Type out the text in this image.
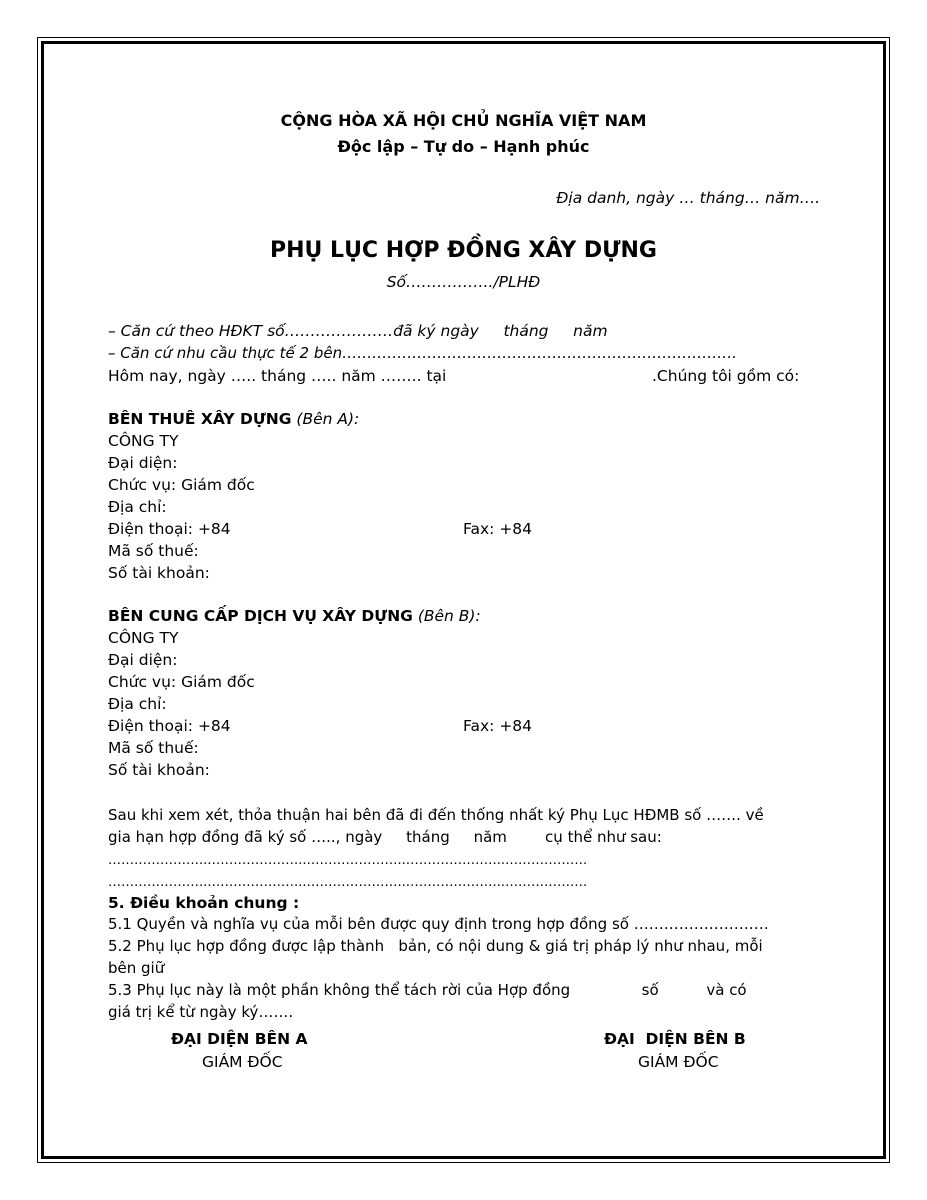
CỘNG HÒA XÃ HỘI CHỦ NGHĨA VIỆT NAM
Độc lập – Tự do – Hạnh phúc
Địa danh, ngày … tháng… năm….
PHỤ LỤC HỢP ĐỒNG XÂY DỰNG
Số……………../PLHĐ
– Căn cứ theo HĐKT số…………………đã ký ngày     tháng     năm
– Căn cứ nhu cầu thực tế 2 bên…………………………………………………………………….
Hôm nay, ngày ….. tháng ….. năm …….. tại	.Chúng tôi gồm có:
BÊN THUÊ XÂY DỰNG (Bên A):
CÔNG TY
Đại diện:
Chức vụ: Giám đốc
Địa chỉ:
Điện thoại: +84	Fax: +84
Mã số thuế:
Số tài khoản:
BÊN CUNG CẤP DỊCH VỤ XÂY DỰNG (Bên B):
CÔNG TY
Đại diện:
Chức vụ: Giám đốc
Địa chỉ:
Điện thoại: +84	Fax: +84
Mã số thuế:
Số tài khoản:
Sau khi xem xét, thỏa thuận hai bên đã đi đến thống nhất ký Phụ Lục HĐMB số ……. về
gia hạn hợp đồng đã ký số ….., ngày     tháng     năm        cụ thể như sau:
…………………..…………………..…………………..…………………..……………….
…………………..…………………..…………………..…………………..……………….
5. Điều khoản chung :
5.1 Quyền và nghĩa vụ của mỗi bên được quy định trong hợp đồng số ………………………
5.2 Phụ lục hợp đồng được lập thành   bản, có nội dung & giá trị pháp lý như nhau, mỗi
bên giữ
5.3 Phụ lục này là một phần không thể tách rời của Hợp đồng               số          và có
giá trị kể từ ngày ký…….
ĐẠI DIỆN BÊN A
GIÁM ĐỐC
ĐẠI  DIỆN BÊN B
GIÁM ĐỐC
